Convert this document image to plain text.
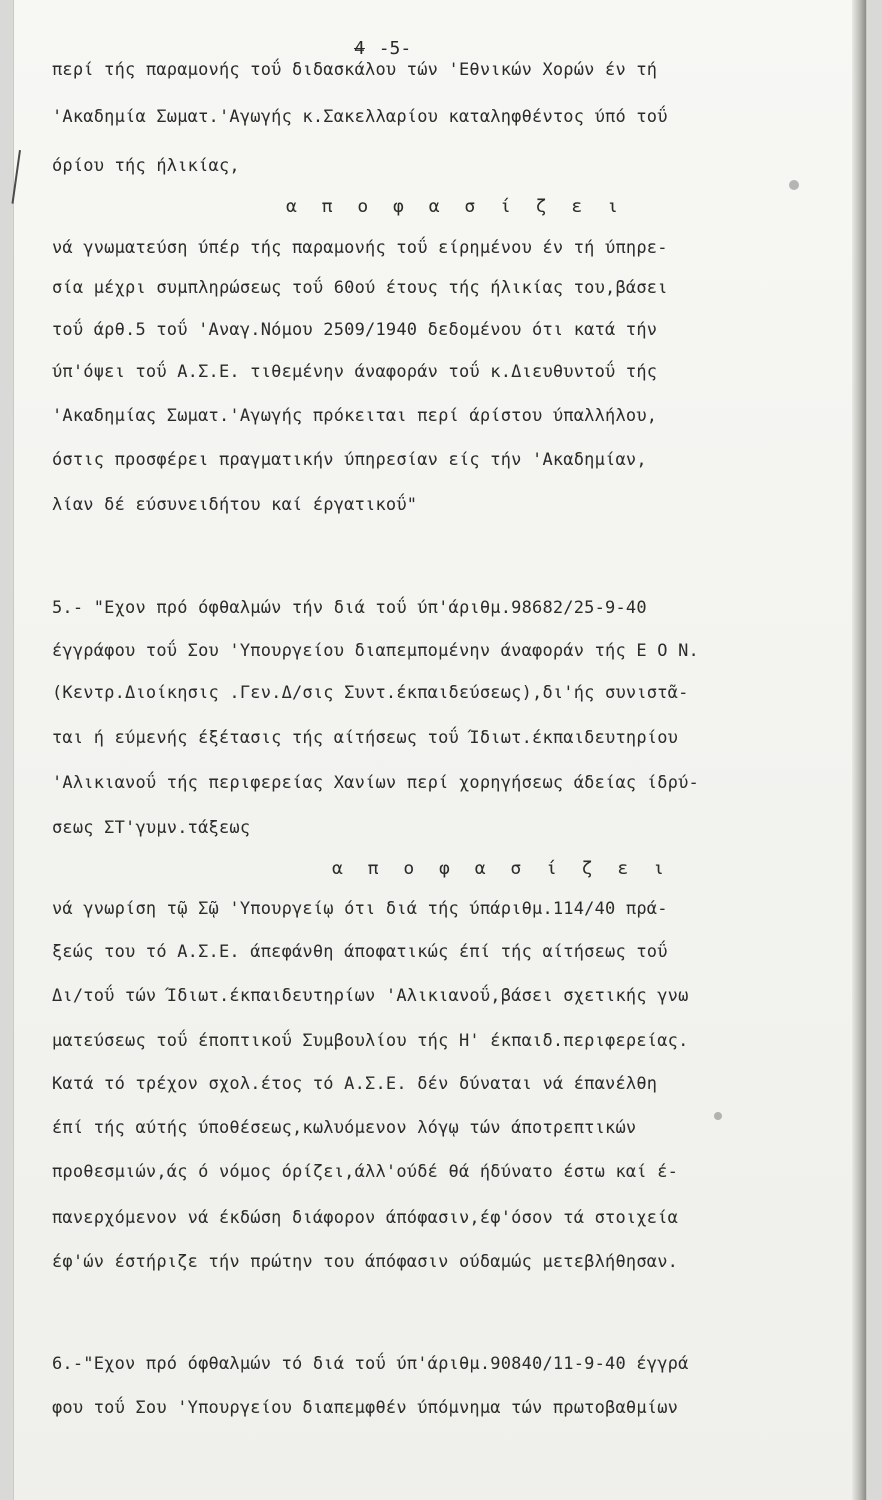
4 -5-
περί τής παραμονής τοΰ διδασκάλου τών 'Εθνικών Χορών έν τή
'Ακαδημία Σωματ.'Αγωγής κ.Σακελλαρίου καταληφθέντος ύπό τοΰ
όρίου τής ήλικίας,
α π ο φ α σ ί ζ ε ι
νά γνωματεύση ύπέρ τής παραμονής τοΰ είρημένου έν τή ύπηρε-
σία μέχρι συμπληρώσεως τοΰ 60ού έτους τής ήλικίας του,βάσει
τοΰ άρθ.5 τοΰ 'Αναγ.Νόμου 2509/1940 δεδομένου ότι κατά τήν
ύπ'όψει τοΰ Α.Σ.Ε. τιθεμένην άναφοράν τοΰ κ.Διευθυντοΰ τής
'Ακαδημίας Σωματ.'Αγωγής πρόκειται περί άρίστου ύπαλλήλου,
όστις προσφέρει πραγματικήν ύπηρεσίαν είς τήν 'Ακαδημίαν,
λίαν δέ εύσυνειδήτου καί έργατικοΰ"
5.- "Εχον πρό όφθαλμών τήν διά τοΰ ύπ'άριθμ.98682/25-9-40
έγγράφου τοΰ Σου 'Υπουργείου διαπεμπομένην άναφοράν τής Ε Ο Ν.
(Κεντρ.Διοίκησις .Γεν.Δ/σις Συντ.έκπαιδεύσεως),δι'ής συνιστᾶ-
ται ή εύμενής έξέτασις τής αίτήσεως τοΰ Ίδιωτ.έκπαιδευτηρίου
'Αλικιανοΰ τής περιφερείας Χανίων περί χορηγήσεως άδείας ίδρύ-
σεως ΣΤ'γυμν.τάξεως
α π ο φ α σ ί ζ ε ι
νά γνωρίση τῷ Σῷ 'Υπουργείῳ ότι διά τής ύπάριθμ.114/40 πρά-
ξεώς του τό Α.Σ.Ε. άπεφάνθη άποφατικώς έπί τής αίτήσεως τοΰ
Δι/τοΰ τών Ίδιωτ.έκπαιδευτηρίων 'Αλικιανοΰ,βάσει σχετικής γνω
ματεύσεως τοΰ έποπτικοΰ Συμβουλίου τής Η' έκπαιδ.περιφερείας.
Κατά τό τρέχον σχολ.έτος τό Α.Σ.Ε. δέν δύναται νά έπανέλθη
έπί τής αύτής ύποθέσεως,κωλυόμενον λόγῳ τών άποτρεπτικών
προθεσμιών,άς ό νόμος όρίζει,άλλ'ούδέ θά ήδύνατο έστω καί έ-
πανερχόμενον νά έκδώση διάφορον άπόφασιν,έφ'όσον τά στοιχεία
έφ'ών έστήριζε τήν πρώτην του άπόφασιν ούδαμώς μετεβλήθησαν.
6.-"Εχον πρό όφθαλμών τό διά τοΰ ύπ'άριθμ.90840/11-9-40 έγγρά
φου τοΰ Σου 'Υπουργείου διαπεμφθέν ύπόμνημα τών πρωτοβαθμίων
